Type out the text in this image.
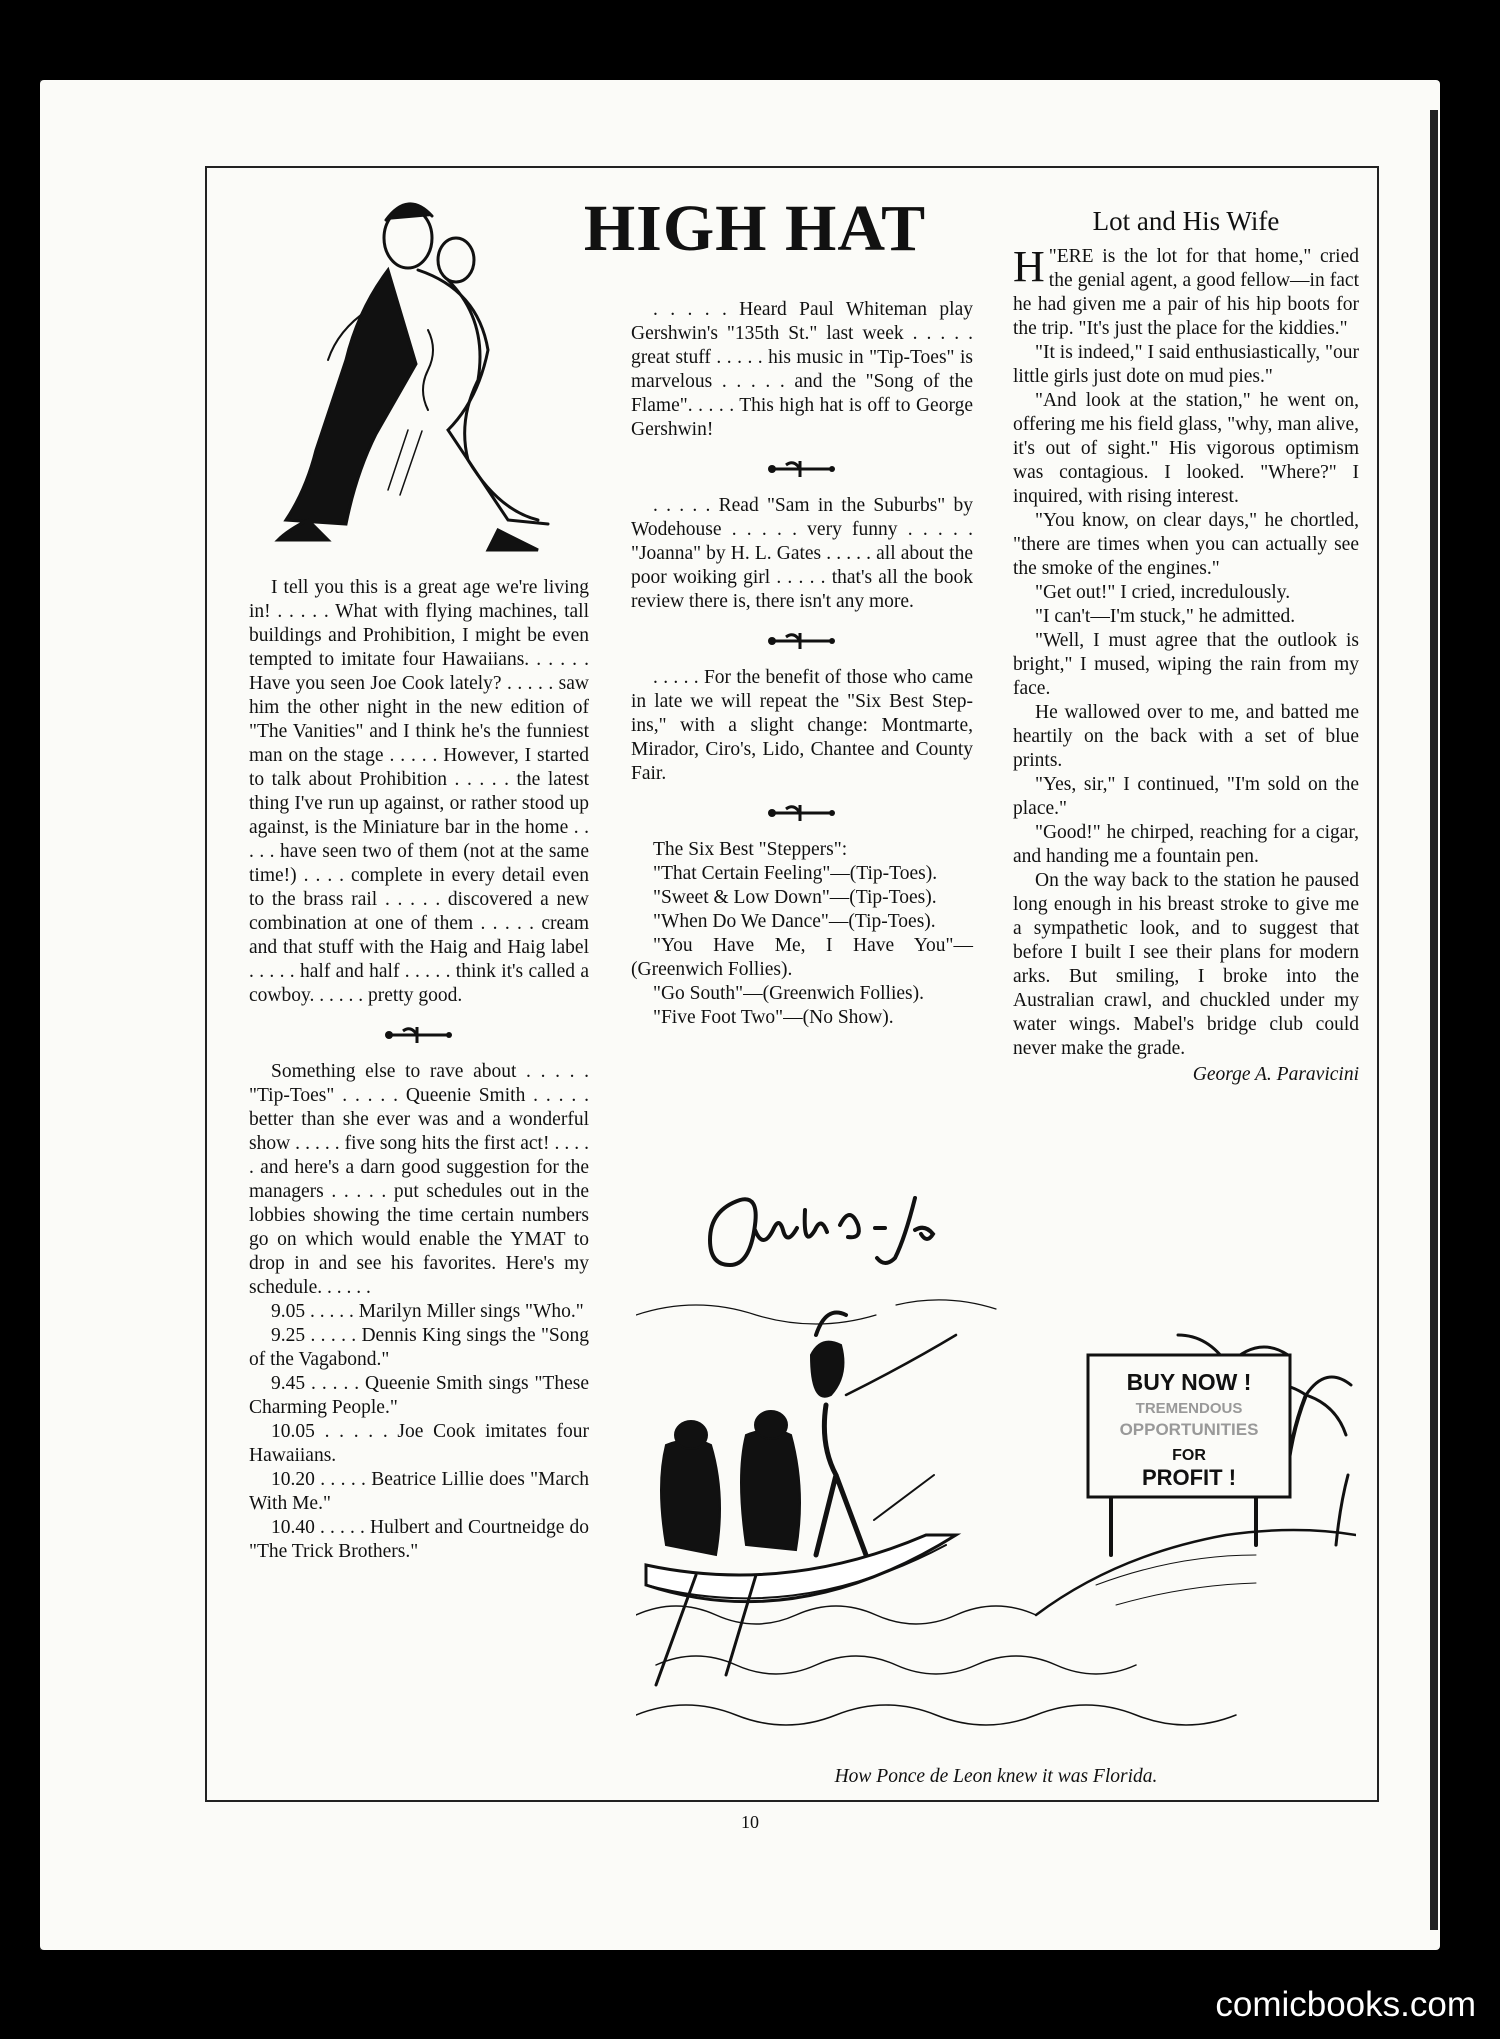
HIGH HAT

I tell you this is a great age we're living in! . . . . . What with flying machines, tall buildings and Prohibition, I might be even tempted to imitate four Hawaiians. . . . . . Have you seen Joe Cook lately? . . . . . saw him the other night in the new edition of "The Vanities" and I think he's the funniest man on the stage . . . . . However, I started to talk about Prohibition . . . . . the latest thing I've run up against, or rather stood up against, is the Miniature bar in the home . . . . . have seen two of them (not at the same time!) . . . . complete in every detail even to the brass rail . . . . . discovered a new combination at one of them . . . . . cream and that stuff with the Haig and Haig label . . . . . half and half . . . . . think it's called a cowboy. . . . . . pretty good.

Something else to rave about . . . . . "Tip-Toes" . . . . . Queenie Smith . . . . . better than she ever was and a wonderful show . . . . . five song hits the first act! . . . . . and here's a darn good suggestion for the managers . . . . . put schedules out in the lobbies showing the time certain numbers go on which would enable the YMAT to drop in and see his favorites. Here's my schedule. . . . . .

9.05 . . . . . Marilyn Miller sings "Who."

9.25 . . . . . Dennis King sings the "Song of the Vagabond."

9.45 . . . . . Queenie Smith sings "These Charming People."

10.05 . . . . . Joe Cook imitates four Hawaiians.

10.20 . . . . . Beatrice Lillie does "March With Me."

10.40 . . . . . Hulbert and Courtneidge do "The Trick Brothers."

. . . . . Heard Paul Whiteman play Gershwin's "135th St." last week . . . . . great stuff . . . . . his music in "Tip-Toes" is marvelous . . . . . and the "Song of the Flame". . . . . This high hat is off to George Gershwin!

. . . . . Read "Sam in the Suburbs" by Wodehouse . . . . . very funny . . . . . "Joanna" by H. L. Gates . . . . . all about the poor woiking girl . . . . . that's all the book review there is, there isn't any more.

. . . . . For the benefit of those who came in late we will repeat the "Six Best Step-ins," with a slight change: Montmarte, Mirador, Ciro's, Lido, Chantee and County Fair.

The Six Best "Steppers":

"That Certain Feeling"—(Tip-Toes).

"Sweet & Low Down"—(Tip-Toes).

"When Do We Dance"—(Tip-Toes).

"You Have Me, I Have You"—(Greenwich Follies).

"Go South"—(Greenwich Follies).

"Five Foot Two"—(No Show).

Lot and His Wife

"
H ERE is the lot for that home," cried the genial agent, a good fellow—in fact he had given me a pair of his hip boots for the trip. "It's just the place for the kiddies."

"It is indeed," I said enthusiastically, "our little girls just dote on mud pies."

"And look at the station," he went on, offering me his field glass, "why, man alive, it's out of sight." His vigorous optimism was contagious. I looked. "Where?" I inquired, with rising interest.

"You know, on clear days," he chortled, "there are times when you can actually see the smoke of the engines."

"Get out!" I cried, incredulously.

"I can't—I'm stuck," he admitted.

"Well, I must agree that the outlook is bright," I mused, wiping the rain from my face.

He wallowed over to me, and batted me heartily on the back with a set of blue prints.

"Yes, sir," I continued, "I'm sold on the place."

"Good!" he chirped, reaching for a cigar, and handing me a fountain pen.

On the way back to the station he paused long enough in his breast stroke to give me a sympathetic look, and to suggest that before I built I see their plans for modern arks. But smiling, I broke into the Australian crawl, and chuckled under my water wings. Mabel's bridge club could never make the grade.

George A. Paravicini

BUY NOW !
TREMENDOUS
OPPORTUNITIES
FOR
PROFIT !
How Ponce de Leon knew it was Florida.
10
comicbooks.com
